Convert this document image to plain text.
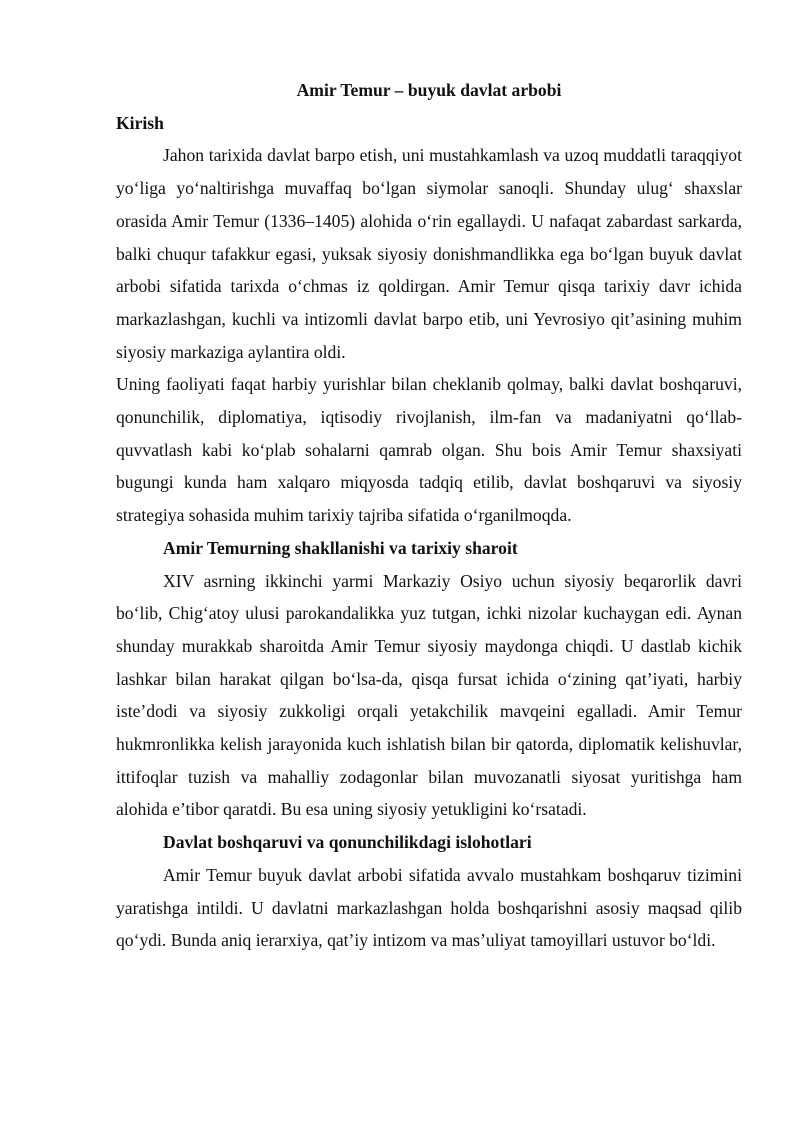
Amir Temur – buyuk davlat arbobi

Kirish

Jahon tarixida davlat barpo etish, uni mustahkamlash va uzoq muddatli taraqqiyot yo‘liga yo‘naltirishga muvaffaq bo‘lgan siymolar sanoqli. Shunday ulug‘ shaxslar orasida Amir Temur (1336–1405) alohida o‘rin egallaydi. U nafaqat zabardast sarkarda, balki chuqur tafakkur egasi, yuksak siyosiy donishmandlikka ega bo‘lgan buyuk davlat arbobi sifatida tarixda o‘chmas iz qoldirgan. Amir Temur qisqa tarixiy davr ichida markazlashgan, kuchli va intizomli davlat barpo etib, uni Yevrosiyo qit’asining muhim siyosiy markaziga aylantira oldi.

Uning faoliyati faqat harbiy yurishlar bilan cheklanib qolmay, balki davlat boshqaruvi, qonunchilik, diplomatiya, iqtisodiy rivojlanish, ilm-fan va madaniyatni qo‘llab-quvvatlash kabi ko‘plab sohalarni qamrab olgan. Shu bois Amir Temur shaxsiyati bugungi kunda ham xalqaro miqyosda tadqiq etilib, davlat boshqaruvi va siyosiy strategiya sohasida muhim tarixiy tajriba sifatida o‘rganilmoqda.

Amir Temurning shakllanishi va tarixiy sharoit

XIV asrning ikkinchi yarmi Markaziy Osiyo uchun siyosiy beqarorlik davri bo‘lib, Chig‘atoy ulusi parokandalikka yuz tutgan, ichki nizolar kuchaygan edi. Aynan shunday murakkab sharoitda Amir Temur siyosiy maydonga chiqdi. U dastlab kichik lashkar bilan harakat qilgan bo‘lsa-da, qisqa fursat ichida o‘zining qat’iyati, harbiy iste’dodi va siyosiy zukkoligi orqali yetakchilik mavqeini egalladi. Amir Temur hukmronlikka kelish jarayonida kuch ishlatish bilan bir qatorda, diplomatik kelishuvlar, ittifoqlar tuzish va mahalliy zodagonlar bilan muvozanatli siyosat yuritishga ham alohida e’tibor qaratdi. Bu esa uning siyosiy yetukligini ko‘rsatadi.

Davlat boshqaruvi va qonunchilikdagi islohotlari

Amir Temur buyuk davlat arbobi sifatida avvalo mustahkam boshqaruv tizimini yaratishga intildi. U davlatni markazlashgan holda boshqarishni asosiy maqsad qilib qo‘ydi. Bunda aniq ierarxiya, qat’iy intizom va mas’uliyat tamoyillari ustuvor bo‘ldi.
